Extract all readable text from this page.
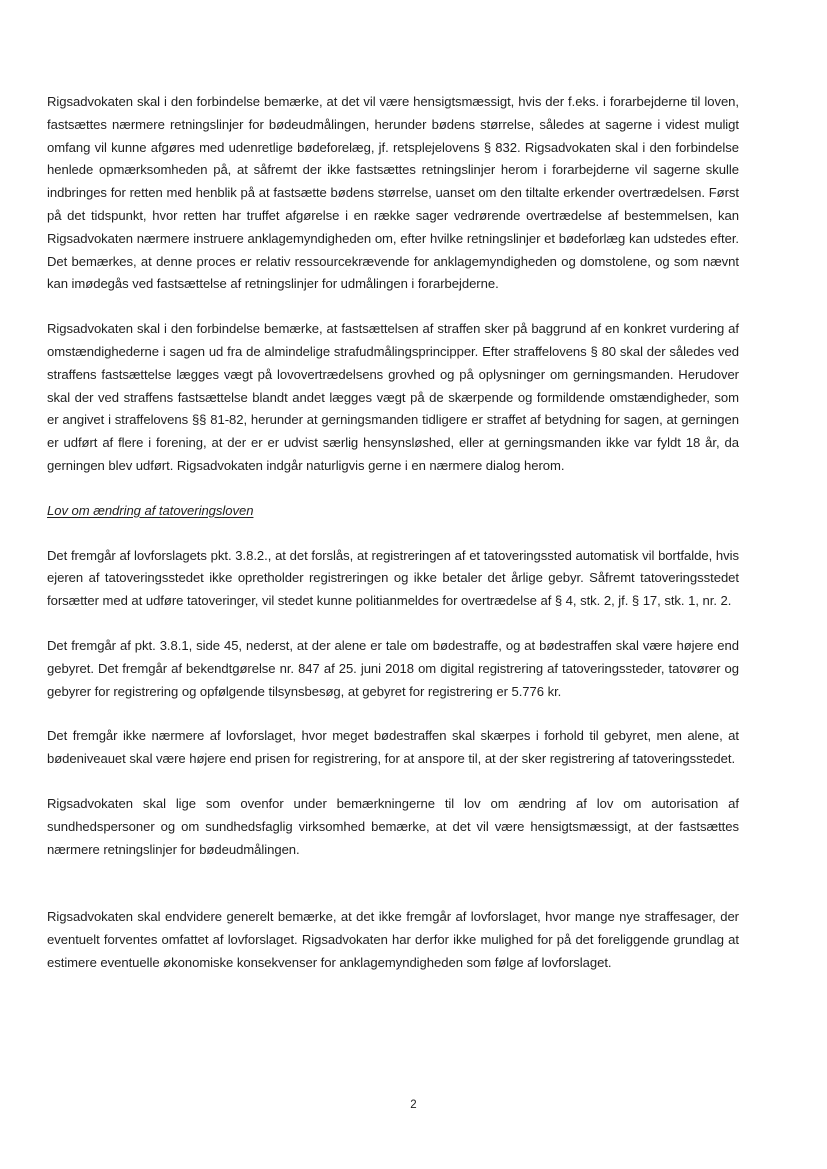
Rigsadvokaten skal i den forbindelse bemærke, at det vil være hensigtsmæssigt, hvis der f.eks. i forarbejderne til loven, fastsættes nærmere retningslinjer for bødeudmålingen, herunder bødens størrelse, således at sagerne i videst muligt omfang vil kunne afgøres med udenretlige bødeforelæg, jf. retsplejelovens § 832. Rigsadvokaten skal i den forbindelse henlede opmærksomheden på, at såfremt der ikke fastsættes retningslinjer herom i forarbejderne vil sagerne skulle indbringes for retten med henblik på at fastsætte bødens størrelse, uanset om den tiltalte erkender overtrædelsen. Først på det tidspunkt, hvor retten har truffet afgørelse i en række sager vedrørende overtrædelse af bestemmelsen, kan Rigsadvokaten nærmere instruere anklagemyndigheden om, efter hvilke retningslinjer et bødeforlæg kan udstedes efter. Det bemærkes, at denne proces er relativ ressourcekrævende for anklagemyndigheden og domstolene, og som nævnt kan imødegås ved fastsættelse af retningslinjer for udmålingen i forarbejderne.

Rigsadvokaten skal i den forbindelse bemærke, at fastsættelsen af straffen sker på baggrund af en konkret vurdering af omstændighederne i sagen ud fra de almindelige strafudmålingsprincipper. Efter straffelovens § 80 skal der således ved straffens fastsættelse lægges vægt på lovovertrædelsens grovhed og på oplysninger om gerningsmanden. Herudover skal der ved straffens fastsættelse blandt andet lægges vægt på de skærpende og formildende omstændigheder, som er angivet i straffelovens §§ 81-82, herunder at gerningsmanden tidligere er straffet af betydning for sagen, at gerningen er udført af flere i forening, at der er er udvist særlig hensynsløshed, eller at gerningsmanden ikke var fyldt 18 år, da gerningen blev udført. Rigsadvokaten indgår naturligvis gerne i en nærmere dialog herom.

Lov om ændring af tatoveringsloven

Det fremgår af lovforslagets pkt. 3.8.2., at det forslås, at registreringen af et tatoveringssted automatisk vil bortfalde, hvis ejeren af tatoveringsstedet ikke opretholder registreringen og ikke betaler det årlige gebyr. Såfremt tatoveringsstedet forsætter med at udføre tatoveringer, vil stedet kunne politianmeldes for overtrædelse af § 4, stk. 2, jf. § 17, stk. 1, nr. 2.

Det fremgår af pkt. 3.8.1, side 45, nederst, at der alene er tale om bødestraffe, og at bødestraffen skal være højere end gebyret. Det fremgår af bekendtgørelse nr. 847 af 25. juni 2018 om digital registrering af tatoveringssteder, tatovører og gebyrer for registrering og opfølgende tilsynsbesøg, at gebyret for registrering er 5.776 kr.

Det fremgår ikke nærmere af lovforslaget, hvor meget bødestraffen skal skærpes i forhold til gebyret, men alene, at bødeniveauet skal være højere end prisen for registrering, for at anspore til, at der sker registrering af tatoveringsstedet.

Rigsadvokaten skal lige som ovenfor under bemærkningerne til lov om ændring af lov om autorisation af sundhedspersoner og om sundhedsfaglig virksomhed bemærke, at det vil være hensigtsmæssigt, at der fastsættes nærmere retningslinjer for bødeudmålingen.

Rigsadvokaten skal endvidere generelt bemærke, at det ikke fremgår af lovforslaget, hvor mange nye straffesager, der eventuelt forventes omfattet af lovforslaget. Rigsadvokaten har derfor ikke mulighed for på det foreliggende grundlag at estimere eventuelle økonomiske konsekvenser for anklagemyndigheden som følge af lovforslaget.

2
